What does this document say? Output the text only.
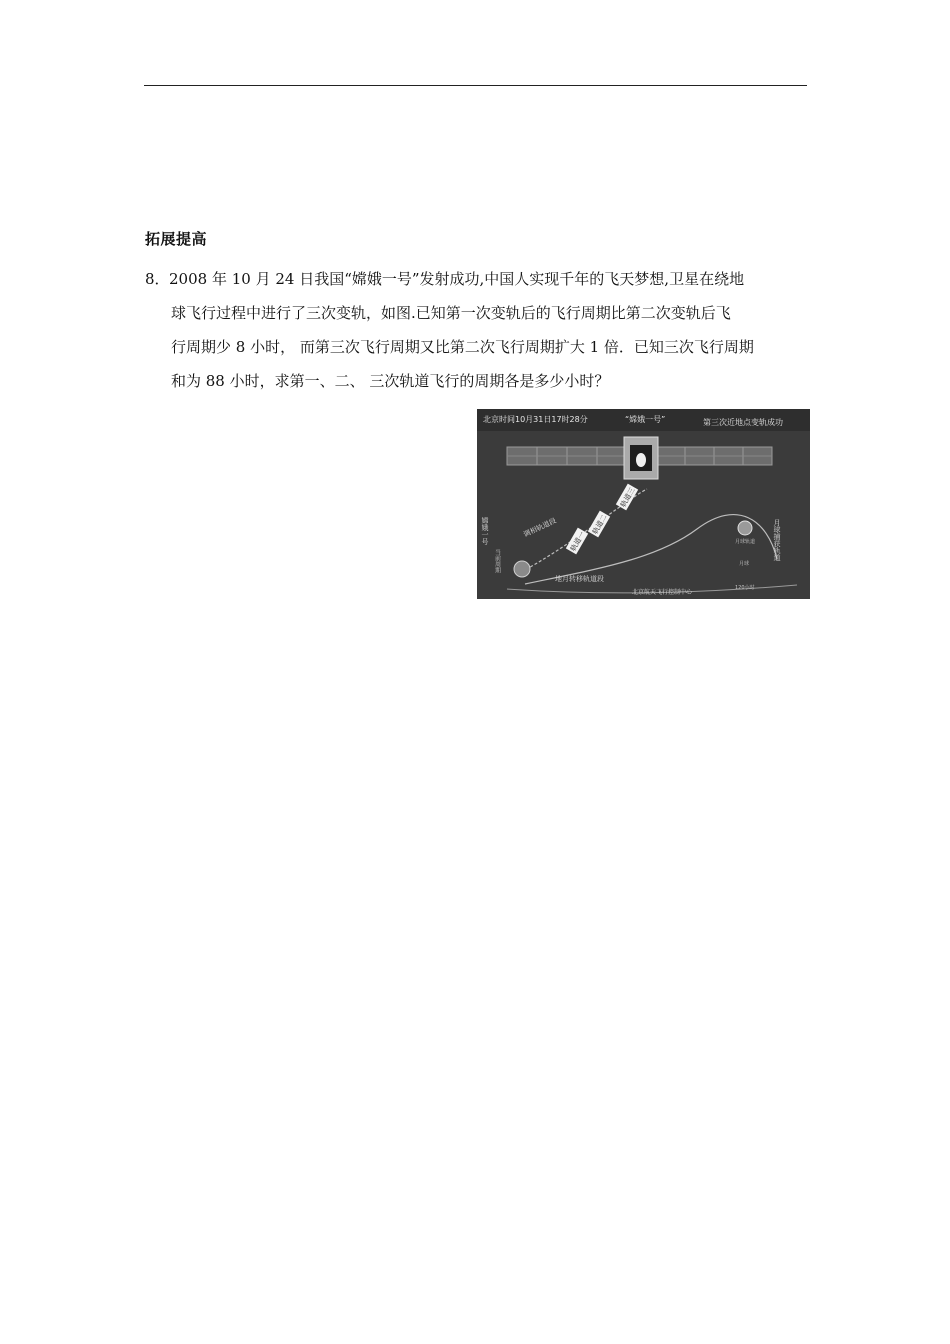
拓展提高
8． 2008 年 10 月 24 日我国“嫦娥一号”发射成功,中国人实现千年的飞天梦想,卫星在绕地
球飞行过程中进行了三次变轨，如图.已知第一次变轨后的飞行周期比第二次变轨后飞
行周期少 8 小时， 而第三次飞行周期又比第二次飞行周期扩大 1 倍．已知三次飞行周期
和为 88 小时，求第一、二、 三次轨道飞行的周期各是多少小时？
北京时间10月31日17时28分	“嫦娥一号”	第三次近地点变轨成功
轨道一
轨道二
轨道三
调相轨道段
地月转移轨道段
嫦娥一号
当前周期	月球捕获轨道
月球轨道
月球
北京航天飞行控制中心
120小时
